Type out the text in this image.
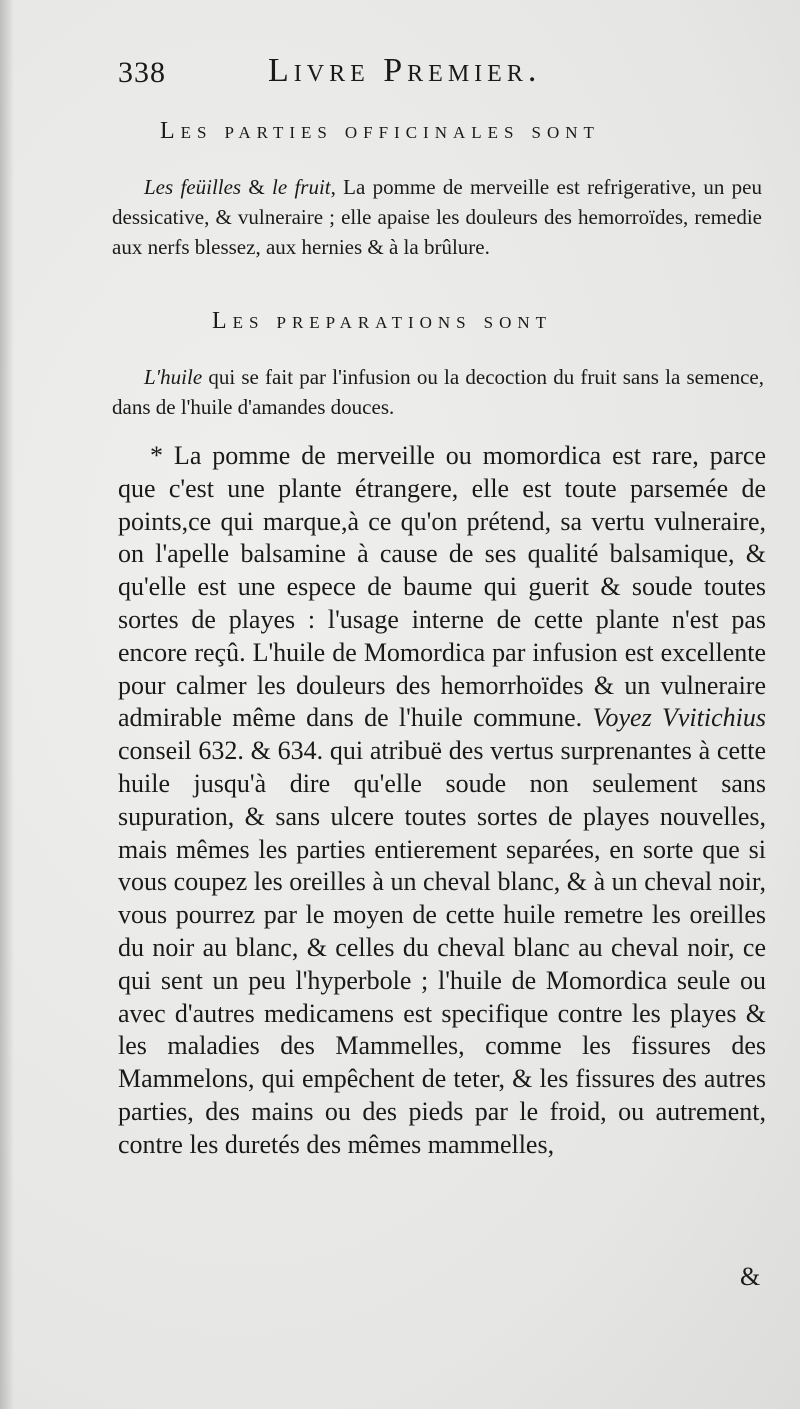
338	Livre Premier.
Les parties officinales sont

Les feüilles & le fruit, La pomme de merveille est refrigerative, un peu dessicative, & vulneraire ; elle apaise les douleurs des hemorroïdes, remedie aux nerfs blessez, aux hernies & à la brûlure.

Les preparations sont

L'huile qui se fait par l'infusion ou la decoction du fruit sans la semence, dans de l'huile d'amandes douces.

* La pomme de merveille ou momordica est rare, parce que c'est une plante étrangere, elle est toute parsemée de points,ce qui marque,à ce qu'on prétend, sa vertu vulneraire, on l'apelle balsamine à cause de ses qualité balsamique, & qu'elle est une espece de baume qui guerit & soude toutes sortes de playes : l'usage interne de cette plante n'est pas encore reçû. L'huile de Momordica par infusion est excellente pour calmer les douleurs des hemorrhoïdes & un vulneraire admirable même dans de l'huile commune. Voyez Vvitichius conseil 632. & 634. qui atribuë des vertus surprenantes à cette huile jusqu'à dire qu'elle soude non seulement sans supuration, & sans ulcere toutes sortes de playes nouvelles, mais mêmes les parties entierement separées, en sorte que si vous coupez les oreilles à un cheval blanc, & à un cheval noir, vous pourrez par le moyen de cette huile remetre les oreilles du noir au blanc, & celles du cheval blanc au cheval noir, ce qui sent un peu l'hyperbole ; l'huile de Momordica seule ou avec d'autres medicamens est specifique contre les playes & les maladies des Mammelles, comme les fissures des Mammelons, qui empêchent de teter, & les fissures des autres parties, des mains ou des pieds par le froid, ou autrement, contre les duretés des mêmes mammelles,

&
